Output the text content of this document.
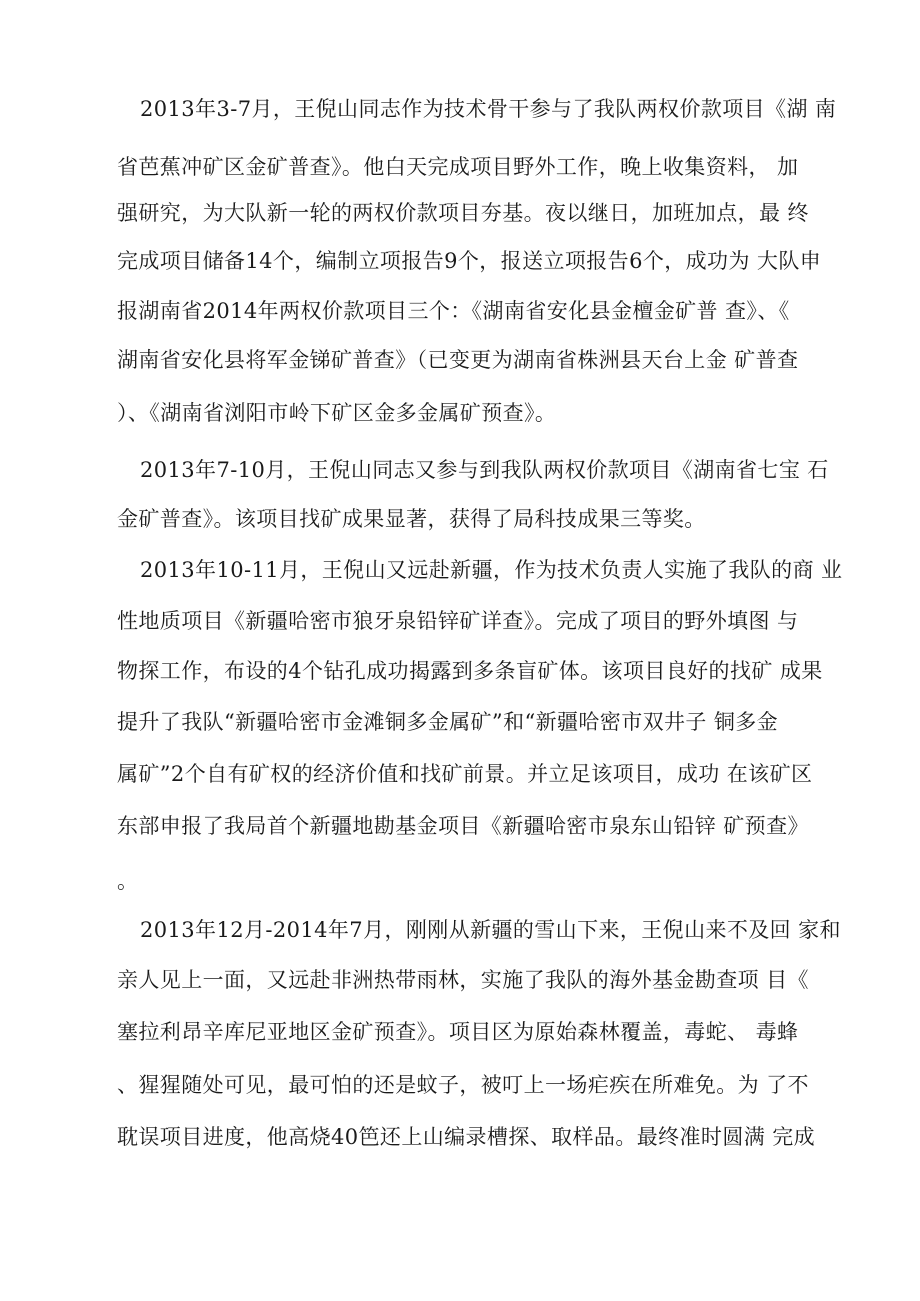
2013年3-7月，王倪山同志作为技术骨干参与了我队两权价款项目《湖 南
省芭蕉冲矿区金矿普查》。他白天完成项目野外工作，晚上收集资料， 加
强研究，为大队新一轮的两权价款项目夯基。夜以继日，加班加点，最 终
完成项目储备14个，编制立项报告9个，报送立项报告6个，成功为 大队申
报湖南省2014年两权价款项目三个：《湖南省安化县金檀金矿普 查》、《
湖南省安化县将军金锑矿普查》（已变更为湖南省株洲县天台上金 矿普查
）、《湖南省浏阳市岭下矿区金多金属矿预查》。
2013年7-10月，王倪山同志又参与到我队两权价款项目《湖南省七宝 石
金矿普查》。该项目找矿成果显著，获得了局科技成果三等奖。
2013年10-11月，王倪山又远赴新疆，作为技术负责人实施了我队的商 业
性地质项目《新疆哈密市狼牙泉铅锌矿详查》。完成了项目的野外填图 与
物探工作，布设的4个钻孔成功揭露到多条盲矿体。该项目良好的找矿 成果
提升了我队“新疆哈密市金滩铜多金属矿”和“新疆哈密市双井子 铜多金
属矿”2个自有矿权的经济价值和找矿前景。并立足该项目，成功 在该矿区
东部申报了我局首个新疆地勘基金项目《新疆哈密市泉东山铅锌 矿预查》
。
2013年12月-2014年7月，刚刚从新疆的雪山下来，王倪山来不及回 家和
亲人见上一面，又远赴非洲热带雨林，实施了我队的海外基金勘查项 目《
塞拉利昂辛库尼亚地区金矿预查》。项目区为原始森林覆盖，毒蛇、 毒蜂
、猩猩随处可见，最可怕的还是蚊子，被叮上一场疟疾在所难免。为 了不
耽误项目进度，他高烧40笆还上山编录槽探、取样品。最终准时圆满 完成
